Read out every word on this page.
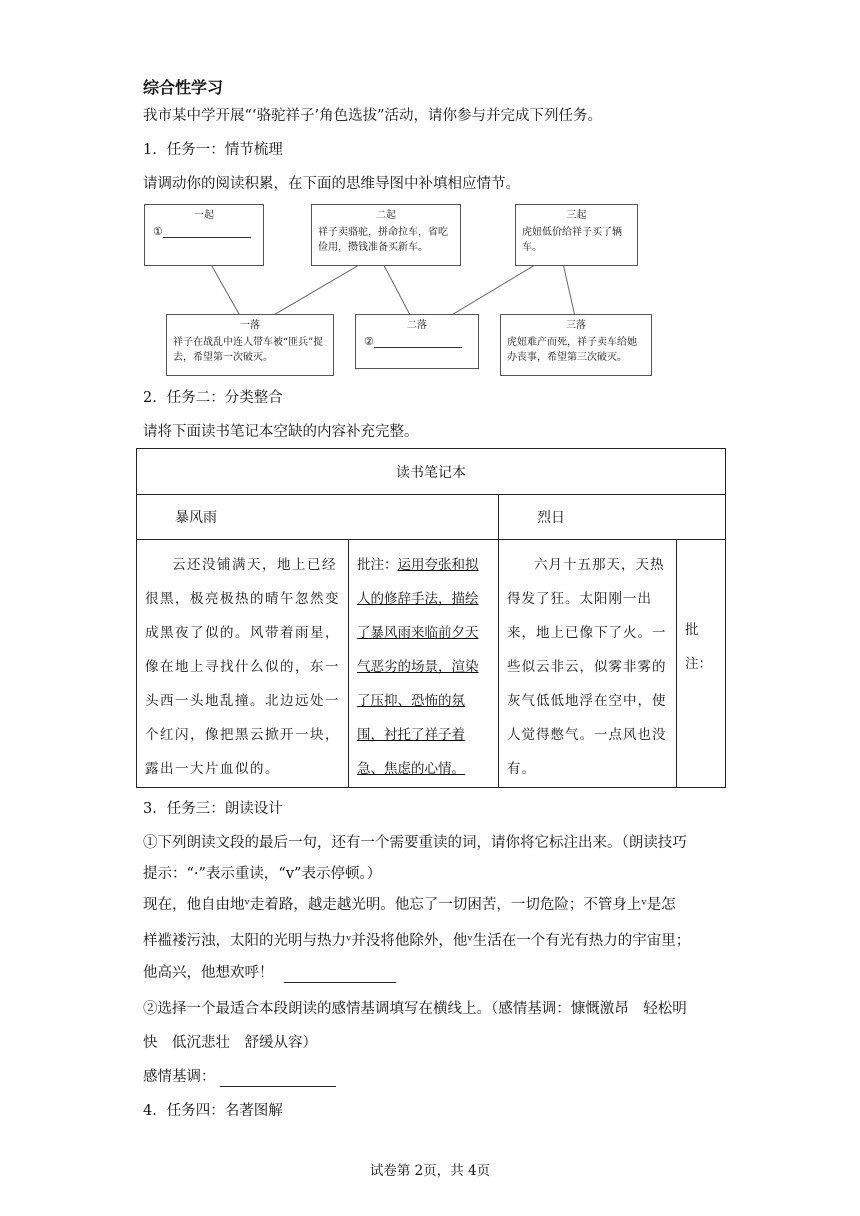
综合性学习
我市某中学开展“‘骆驼祥子’角色选拔”活动，请你参与并完成下列任务。
1．任务一：情节梳理
请调动你的阅读积累，在下面的思维导图中补填相应情节。
一起
①
二起
祥子卖骆驼，拼命拉车，省吃俭用，攒钱准备买新车。
三起
虎妞低价给祥子买了辆车。
一落
祥子在战乱中连人带车被“匪兵”捉去，希望第一次破灭。
二落
②
三落
虎妞难产而死，祥子卖车给她办丧事，希望第三次破灭。
2．任务二：分类整合
请将下面读书笔记本空缺的内容补充完整。
读书笔记本			
暴风雨		烈日	

云还没铺满天，地上已经很黑，极亮极热的晴午忽然变成黑夜了似的。风带着雨星，像在地上寻找什么似的，东一头西一头地乱撞。北边远处一个红闪，像把黑云掀开一块，露出一大片血似的。	批注：运用夸张和拟人的修辞手法，描绘了暴风雨来临前夕天气恶劣的场景，渲染了压抑、恐怖的氛围，衬托了祥子着急、焦虑的心情。	六月十五那天，天热得发了狂。太阳刚一出来，地上已像下了火。一些似云非云，似雾非雾的灰气低低地浮在空中，使人觉得憋气。一点风也没有。	批注：
3．任务三：朗读设计
①下列朗读文段的最后一句，还有一个需要重读的词，请你将它标注出来。（朗读技巧
提示：“·”表示重读，“v”表示停顿。）
现在，他自由地ᵛ走着路，越走越光明。他忘了一切困苦，一切危险；不管身上ᵛ是怎
样褴褛污浊，太阳的光明与热力ᵛ并没将他除外，他ᵛ生活在一个有光有热力的宇宙里；
他高兴，他想欢呼！
②选择一个最适合本段朗读的感情基调填写在横线上。（感情基调：慷慨激昂　轻松明
快　低沉悲壮　舒缓从容）
感情基调：
4．任务四：名著图解
试卷第 2页，共 4页
